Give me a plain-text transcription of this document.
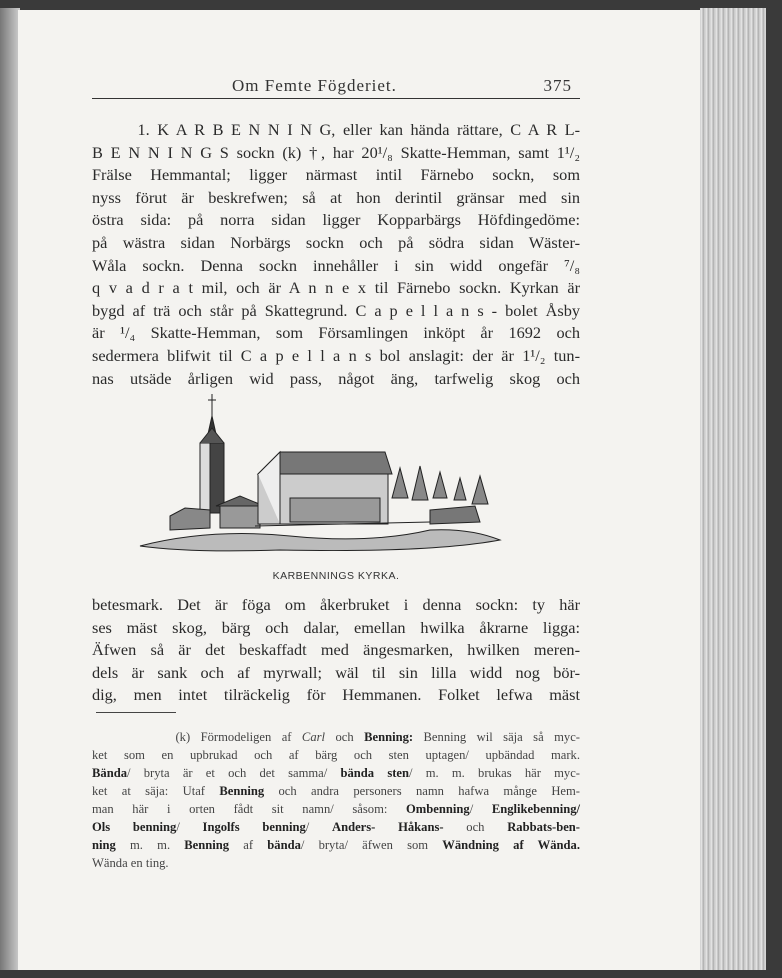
Om Femte Fögderiet.	375
1. K A R B E N N I N G, eller kan hända rättare, C A R L-
B E N N I N G S sockn (k) †, har 20¹/₈ Skatte-Hemman, samt 1¹/₂
Frälse Hemmantal; ligger närmast intil Färnebo sockn, som
nyss förut är beskrefwen; så at hon derintil gränsar med sin
östra sida: på norra sidan ligger Kopparbärgs Höfdingedöme:
på wästra sidan Norbärgs sockn och på södra sidan Wäster-
Wåla sockn. Denna sockn innehåller i sin widd ongefär ⁷/₈
q v a d r a t mil, och är A n n e x til Färnebo sockn. Kyrkan är
bygd af trä och står på Skattegrund. C a p e l l a n s - bolet Åsby
är ¹/₄ Skatte-Hemman, som Församlingen inköpt år 1692 och
sedermera blifwit til C a p e l l a n s bol anslagit: der är 1¹/₂ tun-
nas utsäde årligen wid pass, något äng, tarfwelig skog och
KARBENNINGS KYRKA.
betesmark. Det är föga om åkerbruket i denna sockn: ty här
ses mäst skog, bärg och dalar, emellan hwilka åkrarne ligga:
Äfwen så är det beskaffadt med ängesmarken, hwilken meren-
dels är sank och af myrwall; wäl til sin lilla widd nog bör-
dig, men intet tilräckelig för Hemmanen. Folket lefwa mäst
(k) Förmodeligen af Carl och Benning: Benning wil säja så myc-
ket som en upbrukad och af bärg och sten uptagen/ upbändad mark.
Bända/ bryta är et och det samma/ bända sten/ m. m. brukas här myc-
ket at säja: Utaf Benning och andra personers namn hafwa månge Hem-
man här i orten fådt sit namn/ såsom: Ombenning/ Englikebenning/
Ols benning/ Ingolfs benning/ Anders- Håkans- och Rabbats-ben-
ning m. m. Benning af bända/ bryta/ äfwen som Wändning af Wända.
Wända en ting.
